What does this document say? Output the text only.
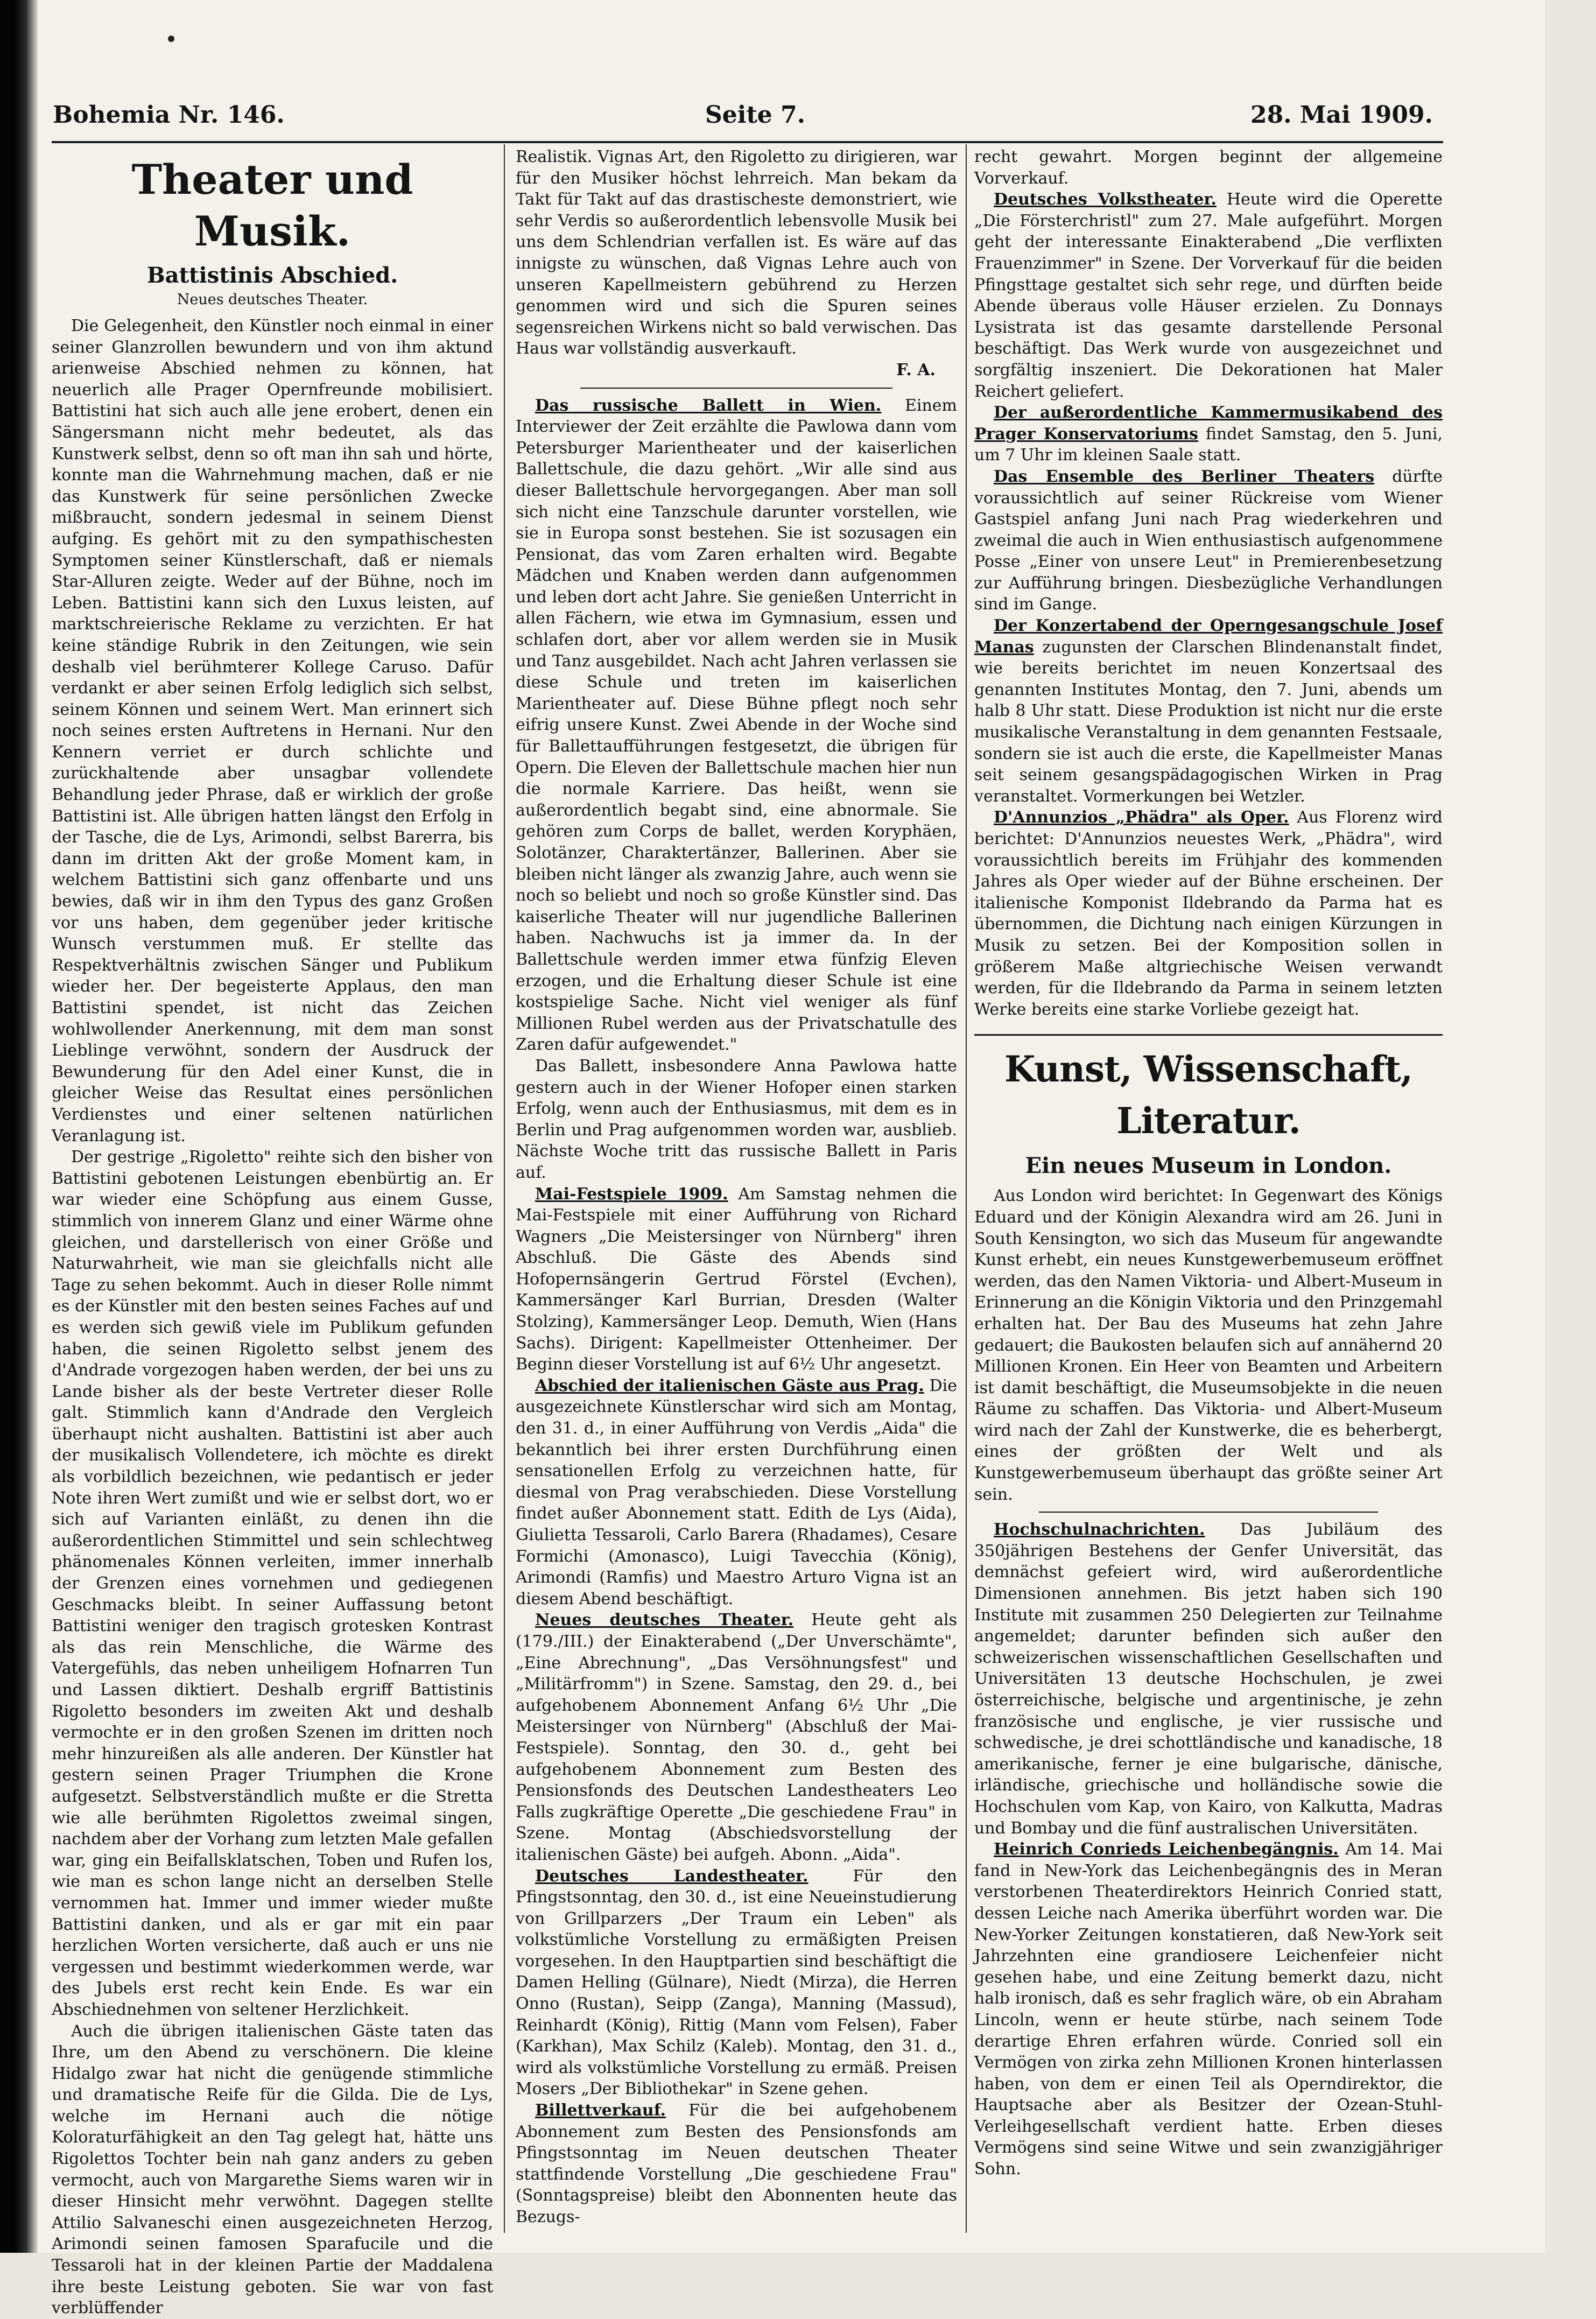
Bohemia Nr. 146.	Seite 7.	28. Mai 1909.
Theater und Musik.
Battistinis Abschied.
Neues deutsches Theater.

Die Gelegenheit, den Künstler noch einmal in einer seiner Glanzrollen bewundern und von ihm aktund arienweise Abschied nehmen zu können, hat neuerlich alle Prager Opernfreunde mobilisiert. Battistini hat sich auch alle jene erobert, denen ein Sängersmann nicht mehr bedeutet, als das Kunstwerk selbst, denn so oft man ihn sah und hörte, konnte man die Wahrnehmung machen, daß er nie das Kunstwerk für seine persönlichen Zwecke mißbraucht, sondern jedesmal in seinem Dienst aufging. Es gehört mit zu den sympathischesten Symptomen seiner Künstlerschaft, daß er niemals Star-Alluren zeigte. Weder auf der Bühne, noch im Leben. Battistini kann sich den Luxus leisten, auf marktschreierische Reklame zu verzichten. Er hat keine ständige Rubrik in den Zeitungen, wie sein deshalb viel berühmterer Kollege Caruso. Dafür verdankt er aber seinen Erfolg lediglich sich selbst, seinem Können und seinem Wert. Man erinnert sich noch seines ersten Auftretens in Hernani. Nur den Kennern verriet er durch schlichte und zurückhaltende aber unsagbar vollendete Behandlung jeder Phrase, daß er wirklich der große Battistini ist. Alle übrigen hatten längst den Erfolg in der Tasche, die de Lys, Arimondi, selbst Barerra, bis dann im dritten Akt der große Moment kam, in welchem Battistini sich ganz offenbarte und uns bewies, daß wir in ihm den Typus des ganz Großen vor uns haben, dem gegenüber jeder kritische Wunsch verstummen muß. Er stellte das Respektverhältnis zwischen Sänger und Publikum wieder her. Der begeisterte Applaus, den man Battistini spendet, ist nicht das Zeichen wohlwollender Anerkennung, mit dem man sonst Lieblinge verwöhnt, sondern der Ausdruck der Bewunderung für den Adel einer Kunst, die in gleicher Weise das Resultat eines persönlichen Verdienstes und einer seltenen natürlichen Veranlagung ist.

Der gestrige „Rigoletto" reihte sich den bisher von Battistini gebotenen Leistungen ebenbürtig an. Er war wieder eine Schöpfung aus einem Gusse, stimmlich von innerem Glanz und einer Wärme ohne gleichen, und darstellerisch von einer Größe und Naturwahrheit, wie man sie gleichfalls nicht alle Tage zu sehen bekommt. Auch in dieser Rolle nimmt es der Künstler mit den besten seines Faches auf und es werden sich gewiß viele im Publikum gefunden haben, die seinen Rigoletto selbst jenem des d'Andrade vorgezogen haben werden, der bei uns zu Lande bisher als der beste Vertreter dieser Rolle galt. Stimmlich kann d'Andrade den Vergleich überhaupt nicht aushalten. Battistini ist aber auch der musikalisch Vollendetere, ich möchte es direkt als vorbildlich bezeichnen, wie pedantisch er jeder Note ihren Wert zumißt und wie er selbst dort, wo er sich auf Varianten einläßt, zu denen ihn die außerordentlichen Stimmittel und sein schlechtweg phänomenales Können verleiten, immer innerhalb der Grenzen eines vornehmen und gediegenen Geschmacks bleibt. In seiner Auffassung betont Battistini weniger den tragisch grotesken Kontrast als das rein Menschliche, die Wärme des Vatergefühls, das neben unheiligem Hofnarren Tun und Lassen diktiert. Deshalb ergriff Battistinis Rigoletto besonders im zweiten Akt und deshalb vermochte er in den großen Szenen im dritten noch mehr hinzureißen als alle anderen. Der Künstler hat gestern seinen Prager Triumphen die Krone aufgesetzt. Selbstverständlich mußte er die Stretta wie alle berühmten Rigolettos zweimal singen, nachdem aber der Vorhang zum letzten Male gefallen war, ging ein Beifallsklatschen, Toben und Rufen los, wie man es schon lange nicht an derselben Stelle vernommen hat. Immer und immer wieder mußte Battistini danken, und als er gar mit ein paar herzlichen Worten versicherte, daß auch er uns nie vergessen und bestimmt wiederkommen werde, war des Jubels erst recht kein Ende. Es war ein Abschiednehmen von seltener Herzlichkeit.

Auch die übrigen italienischen Gäste taten das Ihre, um den Abend zu verschönern. Die kleine Hidalgo zwar hat nicht die genügende stimmliche und dramatische Reife für die Gilda. Die de Lys, welche im Hernani auch die nötige Koloraturfähigkeit an den Tag gelegt hat, hätte uns Rigolettos Tochter bein nah ganz anders zu geben vermocht, auch von Margarethe Siems waren wir in dieser Hinsicht mehr verwöhnt. Dagegen stellte Attilio Salvaneschi einen ausgezeichneten Herzog, Arimondi seinen famosen Sparafucile und die Tessaroli hat in der kleinen Partie der Maddalena ihre beste Leistung geboten. Sie war von fast verblüffender

Realistik. Vignas Art, den Rigoletto zu dirigieren, war für den Musiker höchst lehrreich. Man bekam da Takt für Takt auf das drastischeste demonstriert, wie sehr Verdis so außerordentlich lebensvolle Musik bei uns dem Schlendrian verfallen ist. Es wäre auf das innigste zu wünschen, daß Vignas Lehre auch von unseren Kapellmeistern gebührend zu Herzen genommen wird und sich die Spuren seines segensreichen Wirkens nicht so bald verwischen. Das Haus war vollständig ausverkauft.

F. A.

Das russische Ballett in Wien. Einem Interviewer der Zeit erzählte die Pawlowa dann vom Petersburger Marientheater und der kaiserlichen Ballettschule, die dazu gehört. „Wir alle sind aus dieser Ballettschule hervorgegangen. Aber man soll sich nicht eine Tanzschule darunter vorstellen, wie sie in Europa sonst bestehen. Sie ist sozusagen ein Pensionat, das vom Zaren erhalten wird. Begabte Mädchen und Knaben werden dann aufgenommen und leben dort acht Jahre. Sie genießen Unterricht in allen Fächern, wie etwa im Gymnasium, essen und schlafen dort, aber vor allem werden sie in Musik und Tanz ausgebildet. Nach acht Jahren verlassen sie diese Schule und treten im kaiserlichen Marientheater auf. Diese Bühne pflegt noch sehr eifrig unsere Kunst. Zwei Abende in der Woche sind für Ballettaufführungen festgesetzt, die übrigen für Opern. Die Eleven der Ballettschule machen hier nun die normale Karriere. Das heißt, wenn sie außerordentlich begabt sind, eine abnormale. Sie gehören zum Corps de ballet, werden Koryphäen, Solotänzer, Charaktertänzer, Ballerinen. Aber sie bleiben nicht länger als zwanzig Jahre, auch wenn sie noch so beliebt und noch so große Künstler sind. Das kaiserliche Theater will nur jugendliche Ballerinen haben. Nachwuchs ist ja immer da. In der Ballettschule werden immer etwa fünfzig Eleven erzogen, und die Erhaltung dieser Schule ist eine kostspielige Sache. Nicht viel weniger als fünf Millionen Rubel werden aus der Privatschatulle des Zaren dafür aufgewendet."

Das Ballett, insbesondere Anna Pawlowa hatte gestern auch in der Wiener Hofoper einen starken Erfolg, wenn auch der Enthusiasmus, mit dem es in Berlin und Prag aufgenommen worden war, ausblieb. Nächste Woche tritt das russische Ballett in Paris auf.

Mai-Festspiele 1909. Am Samstag nehmen die Mai-Festspiele mit einer Aufführung von Richard Wagners „Die Meistersinger von Nürnberg" ihren Abschluß. Die Gäste des Abends sind Hofopernsängerin Gertrud Förstel (Evchen), Kammersänger Karl Burrian, Dresden (Walter Stolzing), Kammersänger Leop. Demuth, Wien (Hans Sachs). Dirigent: Kapellmeister Ottenheimer. Der Beginn dieser Vorstellung ist auf 6½ Uhr angesetzt.

Abschied der italienischen Gäste aus Prag. Die ausgezeichnete Künstlerschar wird sich am Montag, den 31. d., in einer Aufführung von Verdis „Aida" die bekanntlich bei ihrer ersten Durchführung einen sensationellen Erfolg zu verzeichnen hatte, für diesmal von Prag verabschieden. Diese Vorstellung findet außer Abonnement statt. Edith de Lys (Aida), Giulietta Tessaroli, Carlo Barera (Rhadames), Cesare Formichi (Amonasco), Luigi Tavecchia (König), Arimondi (Ramfis) und Maestro Arturo Vigna ist an diesem Abend beschäftigt.

Neues deutsches Theater. Heute geht als (179./III.) der Einakterabend („Der Unverschämte", „Eine Abrechnung", „Das Versöhnungsfest" und „Militärfromm") in Szene. Samstag, den 29. d., bei aufgehobenem Abonnement Anfang 6½ Uhr „Die Meistersinger von Nürnberg" (Abschluß der Mai-Festspiele). Sonntag, den 30. d., geht bei aufgehobenem Abonnement zum Besten des Pensionsfonds des Deutschen Landestheaters Leo Falls zugkräftige Operette „Die geschiedene Frau" in Szene. Montag (Abschiedsvorstellung der italienischen Gäste) bei aufgeh. Abonn. „Aida".

Deutsches Landestheater. Für den Pfingstsonntag, den 30. d., ist eine Neueinstudierung von Grillparzers „Der Traum ein Leben" als volkstümliche Vorstellung zu ermäßigten Preisen vorgesehen. In den Hauptpartien sind beschäftigt die Damen Helling (Gülnare), Niedt (Mirza), die Herren Onno (Rustan), Seipp (Zanga), Manning (Massud), Reinhardt (König), Rittig (Mann vom Felsen), Faber (Karkhan), Max Schilz (Kaleb). Montag, den 31. d., wird als volkstümliche Vorstellung zu ermäß. Preisen Mosers „Der Bibliothekar" in Szene gehen.

Billettverkauf. Für die bei aufgehobenem Abonnement zum Besten des Pensionsfonds am Pfingstsonntag im Neuen deutschen Theater stattfindende Vorstellung „Die geschiedene Frau" (Sonntagspreise) bleibt den Abonnenten heute das Bezugs-

recht gewahrt. Morgen beginnt der allgemeine Vorverkauf.

Deutsches Volkstheater. Heute wird die Operette „Die Försterchristl" zum 27. Male aufgeführt. Morgen geht der interessante Einakterabend „Die verflixten Frauenzimmer" in Szene. Der Vorverkauf für die beiden Pfingsttage gestaltet sich sehr rege, und dürften beide Abende überaus volle Häuser erzielen. Zu Donnays Lysistrata ist das gesamte darstellende Personal beschäftigt. Das Werk wurde von ausgezeichnet und sorgfältig inszeniert. Die Dekorationen hat Maler Reichert geliefert.

Der außerordentliche Kammermusikabend des Prager Konservatoriums findet Samstag, den 5. Juni, um 7 Uhr im kleinen Saale statt.

Das Ensemble des Berliner Theaters dürfte voraussichtlich auf seiner Rückreise vom Wiener Gastspiel anfang Juni nach Prag wiederkehren und zweimal die auch in Wien enthusiastisch aufgenommene Posse „Einer von unsere Leut" in Premierenbesetzung zur Aufführung bringen. Diesbezügliche Verhandlungen sind im Gange.

Der Konzertabend der Operngesangschule Josef Manas zugunsten der Clarschen Blindenanstalt findet, wie bereits berichtet im neuen Konzertsaal des genannten Institutes Montag, den 7. Juni, abends um halb 8 Uhr statt. Diese Produktion ist nicht nur die erste musikalische Veranstaltung in dem genannten Festsaale, sondern sie ist auch die erste, die Kapellmeister Manas seit seinem gesangspädagogischen Wirken in Prag veranstaltet. Vormerkungen bei Wetzler.

D'Annunzios „Phädra" als Oper. Aus Florenz wird berichtet: D'Annunzios neuestes Werk, „Phädra", wird voraussichtlich bereits im Frühjahr des kommenden Jahres als Oper wieder auf der Bühne erscheinen. Der italienische Komponist Ildebrando da Parma hat es übernommen, die Dichtung nach einigen Kürzungen in Musik zu setzen. Bei der Komposition sollen in größerem Maße altgriechische Weisen verwandt werden, für die Ildebrando da Parma in seinem letzten Werke bereits eine starke Vorliebe gezeigt hat.

Kunst, Wissenschaft, Literatur.
Ein neues Museum in London.

Aus London wird berichtet: In Gegenwart des Königs Eduard und der Königin Alexandra wird am 26. Juni in South Kensington, wo sich das Museum für angewandte Kunst erhebt, ein neues Kunstgewerbemuseum eröffnet werden, das den Namen Viktoria- und Albert-Museum in Erinnerung an die Königin Viktoria und den Prinzgemahl erhalten hat. Der Bau des Museums hat zehn Jahre gedauert; die Baukosten belaufen sich auf annähernd 20 Millionen Kronen. Ein Heer von Beamten und Arbeitern ist damit beschäftigt, die Museumsobjekte in die neuen Räume zu schaffen. Das Viktoria- und Albert-Museum wird nach der Zahl der Kunstwerke, die es beherbergt, eines der größten der Welt und als Kunstgewerbemuseum überhaupt das größte seiner Art sein.

Hochschulnachrichten. Das Jubiläum des 350jährigen Bestehens der Genfer Universität, das demnächst gefeiert wird, wird außerordentliche Dimensionen annehmen. Bis jetzt haben sich 190 Institute mit zusammen 250 Delegierten zur Teilnahme angemeldet; darunter befinden sich außer den schweizerischen wissenschaftlichen Gesellschaften und Universitäten 13 deutsche Hochschulen, je zwei österreichische, belgische und argentinische, je zehn französische und englische, je vier russische und schwedische, je drei schottländische und kanadische, 18 amerikanische, ferner je eine bulgarische, dänische, irländische, griechische und holländische sowie die Hochschulen vom Kap, von Kairo, von Kalkutta, Madras und Bombay und die fünf australischen Universitäten.

Heinrich Conrieds Leichenbegängnis. Am 14. Mai fand in New-York das Leichenbegängnis des in Meran verstorbenen Theaterdirektors Heinrich Conried statt, dessen Leiche nach Amerika überführt worden war. Die New-Yorker Zeitungen konstatieren, daß New-York seit Jahrzehnten eine grandiosere Leichenfeier nicht gesehen habe, und eine Zeitung bemerkt dazu, nicht halb ironisch, daß es sehr fraglich wäre, ob ein Abraham Lincoln, wenn er heute stürbe, nach seinem Tode derartige Ehren erfahren würde. Conried soll ein Vermögen von zirka zehn Millionen Kronen hinterlassen haben, von dem er einen Teil als Operndirektor, die Hauptsache aber als Besitzer der Ozean-Stuhl-Verleihgesellschaft verdient hatte. Erben dieses Vermögens sind seine Witwe und sein zwanzigjähriger Sohn.
